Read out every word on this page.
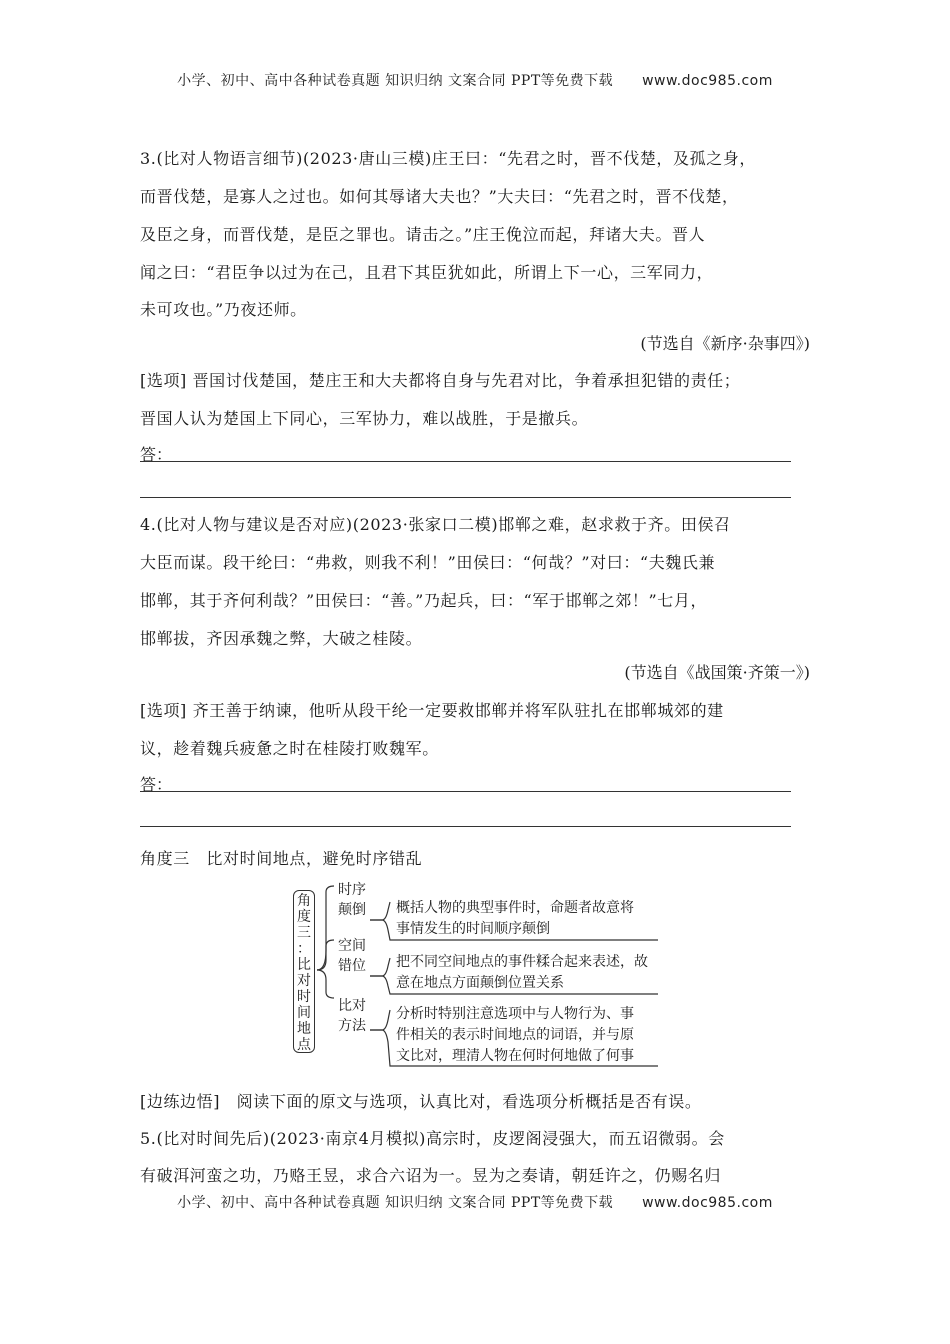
小学、初中、高中各种试卷真题 知识归纳 文案合同 PPT等免费下载 www.doc985.com
3.(比对人物语言细节)(2023·唐山三模)庄王曰：“先君之时，晋不伐楚，及孤之身，
而晋伐楚，是寡人之过也。如何其辱诸大夫也？”大夫曰：“先君之时，晋不伐楚，
及臣之身，而晋伐楚，是臣之罪也。请击之。”庄王俛泣而起，拜诸大夫。晋人
闻之曰：“君臣争以过为在己，且君下其臣犹如此，所谓上下一心，三军同力，
未可攻也。”乃夜还师。
(节选自《新序·杂事四》)
[选项] 晋国讨伐楚国，楚庄王和大夫都将自身与先君对比，争着承担犯错的责任；
晋国人认为楚国上下同心，三军协力，难以战胜，于是撤兵。
答：
4.(比对人物与建议是否对应)(2023·张家口二模)邯郸之难，赵求救于齐。田侯召
大臣而谋。段干纶曰：“弗救，则我不利！”田侯曰：“何哉？”对曰：“夫魏氏兼
邯郸，其于齐何利哉？”田侯曰：“善。”乃起兵，曰：“军于邯郸之郊！”七月，
邯郸拔，齐因承魏之弊，大破之桂陵。
(节选自《战国策·齐策一》)
[选项] 齐王善于纳谏，他听从段干纶一定要救邯郸并将军队驻扎在邯郸城郊的建
议，趁着魏兵疲惫之时在桂陵打败魏军。
答：
角度三　比对时间地点，避免时序错乱
角
度
三
：
比
对
时
间
地
点
时序
颠倒 概括人物的典型事件时，命题者故意将
事情发生的时间顺序颠倒
空间
错位 把不同空间地点的事件糅合起来表述，故
意在地点方面颠倒位置关系
比对
方法
分析时特别注意选项中与人物行为、事
件相关的表示时间地点的词语，并与原
文比对，理清人物在何时何地做了何事
[边练边悟]　阅读下面的原文与选项，认真比对，看选项分析概括是否有误。
5.(比对时间先后)(2023·南京4月模拟)高宗时，皮逻阁浸强大，而五诏微弱。会
有破洱河蛮之功，乃赂王昱，求合六诏为一。昱为之奏请，朝廷许之，仍赐名归
小学、初中、高中各种试卷真题 知识归纳 文案合同 PPT等免费下载 www.doc985.com
